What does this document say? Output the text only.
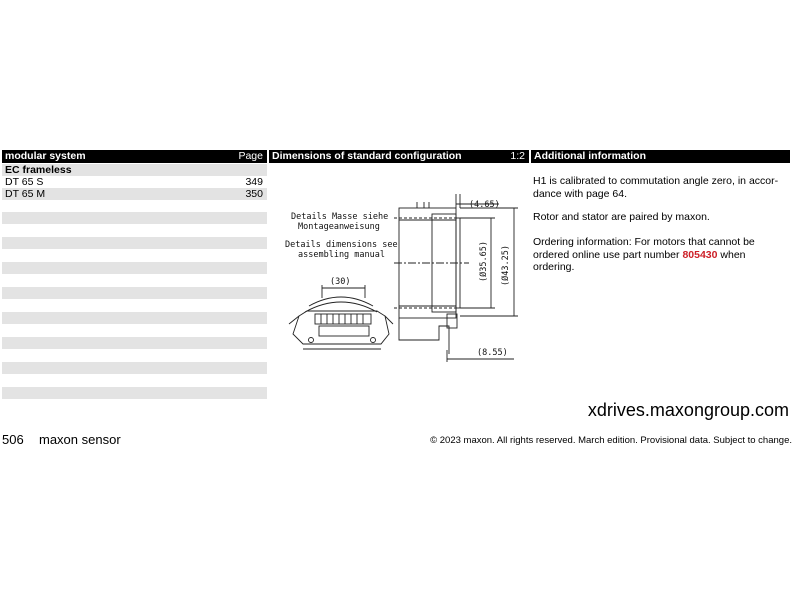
modular system	Page Dimensions of standard configuration	1:2 Additional information
EC frameless
DT 65 S	349
DT 65 M	350
Details Masse siehe
Montageanweisung
Details dimensions see
assembling manual
(30)
(4.65)
(8.55)
(Ø35.65) (Ø43.25)
H1 is calibrated to commutation angle zero, in accor-dance with page 64.
Rotor and stator are paired by maxon.
Ordering information: For motors that cannot be ordered online use part number 805430 when ordering.
xdrives.maxongroup.com
506 maxon sensor	© 2023 maxon. All rights reserved. March edition. Provisional data. Subject to change.
